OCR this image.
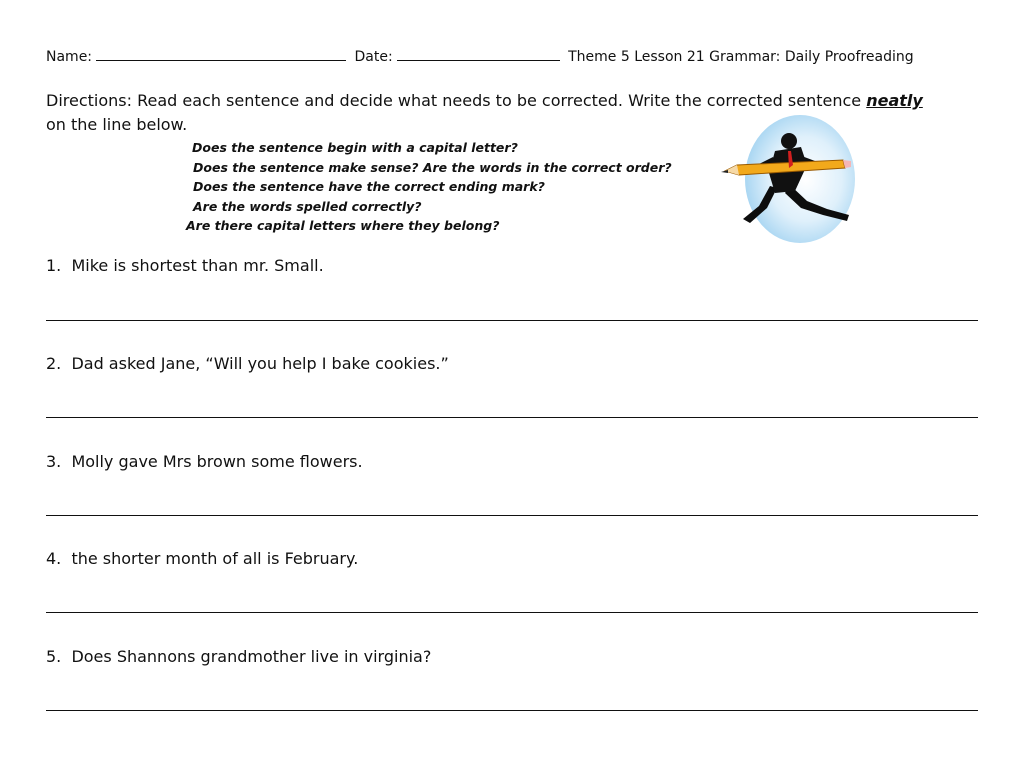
Name:	Date:	Theme 5 Lesson 21 Grammar: Daily Proofreading
Directions: Read each sentence and decide what needs to be corrected. Write the corrected sentence neatly
on the line below.
Does the sentence begin with a capital letter?
Does the sentence make sense? Are the words in the correct order?
Does the sentence have the correct ending mark?
Are the words spelled correctly?
Are there capital letters where they belong?
1. Mike is shortest than mr. Small.
2. Dad asked Jane, “Will you help I bake cookies.”
3. Molly gave Mrs brown some flowers.
4. the shorter month of all is February.
5. Does Shannons grandmother live in virginia?
